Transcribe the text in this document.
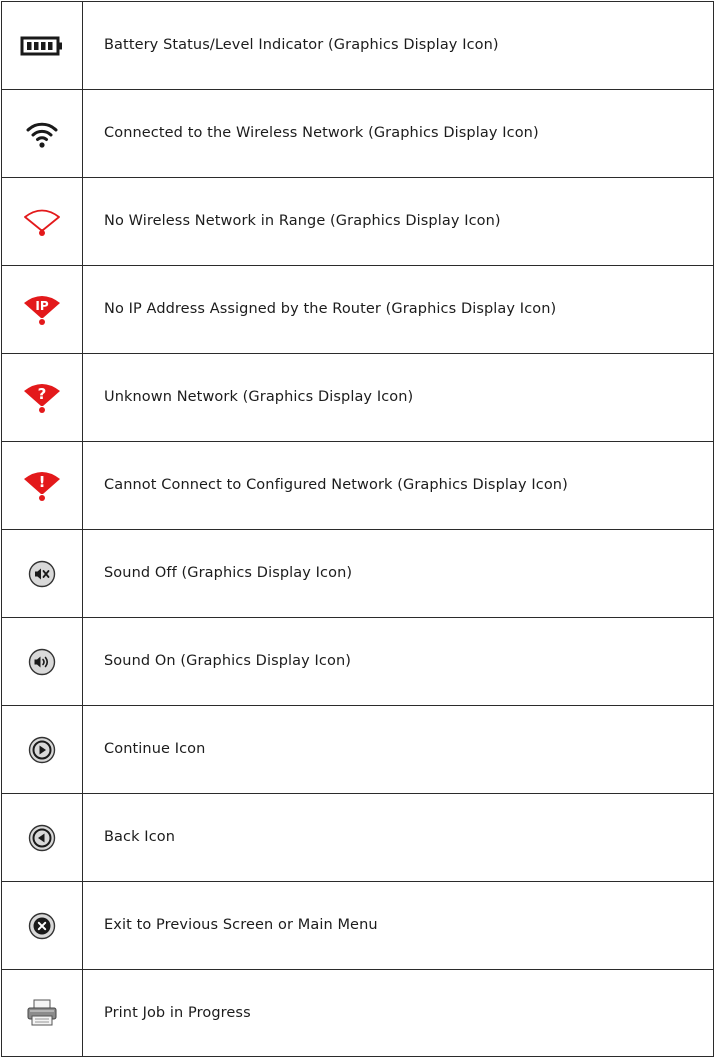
	Battery Status/Level Indicator (Graphics Display Icon)
	Connected to the Wireless Network (Graphics Display Icon)
	No Wireless Network in Range (Graphics Display Icon)

IP	No IP Address Assigned by the Router (Graphics Display Icon)

?	Unknown Network (Graphics Display Icon)

!	Cannot Connect to Configured Network (Graphics Display Icon)
	Sound Off (Graphics Display Icon)
	Sound On (Graphics Display Icon)
	Continue Icon
	Back Icon
	Exit to Previous Screen or Main Menu
	Print Job in Progress
